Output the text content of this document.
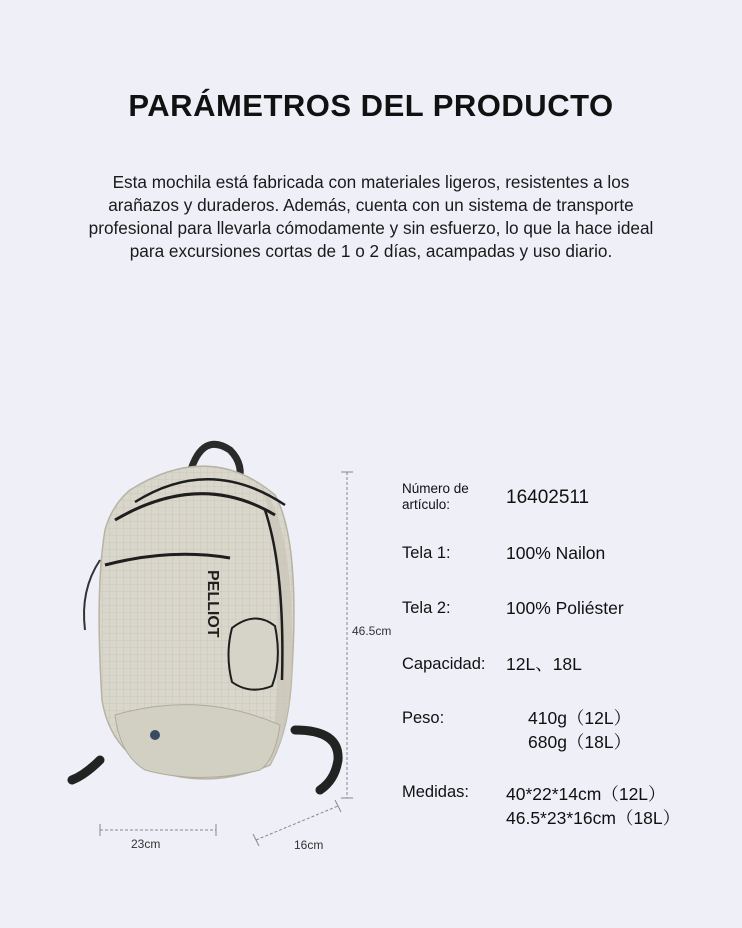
PARÁMETROS DEL PRODUCTO
Esta mochila está fabricada con materiales ligeros, resistentes a los
arañazos y duraderos. Además, cuenta con un sistema de transporte
profesional para llevarla cómodamente y sin esfuerzo, lo que la hace ideal
para excursiones cortas de 1 o 2 días, acampadas y uso diario.
PELLIOT	46.5cm
23cm	16cm
Número de
artículo:	16402511
Tela 1:	100% Nailon
Tela 2:	100% Poliéster
Capacidad: 12L、18L
Peso:	410g（12L）
680g（18L）
Medidas: 40*22*14cm（12L）
46.5*23*16cm（18L）
